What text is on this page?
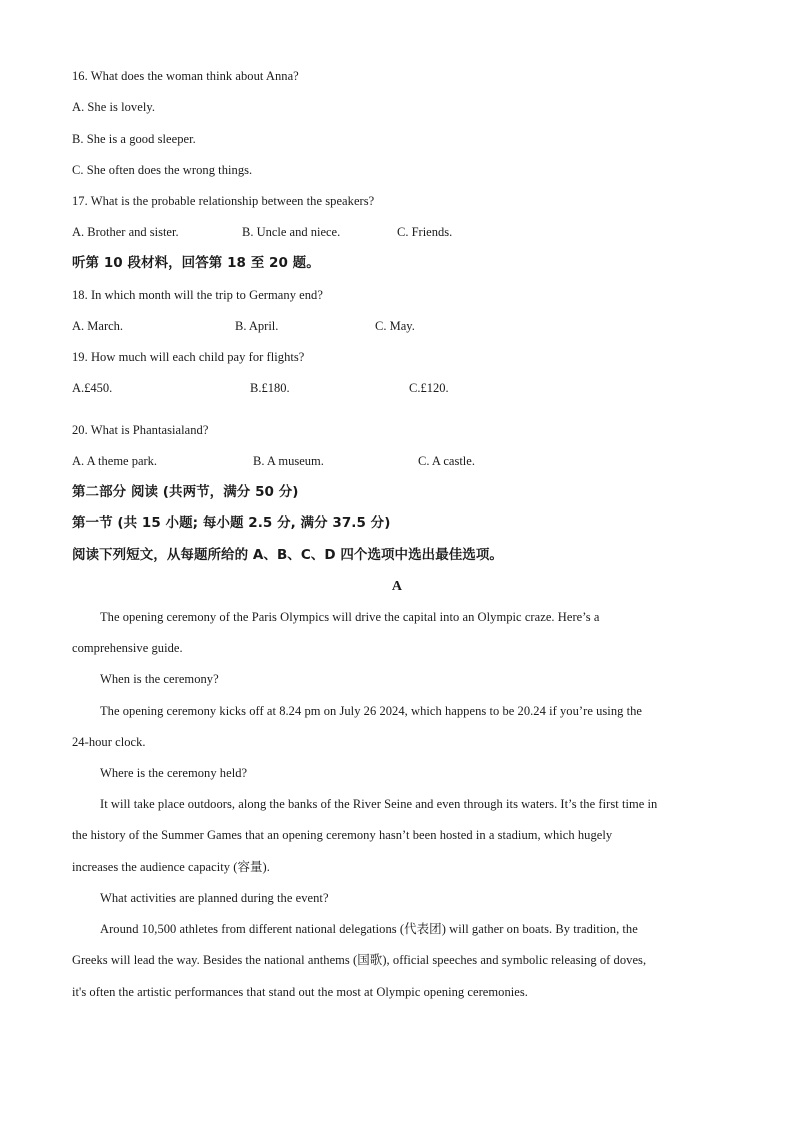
16. What does the woman think about Anna?
A. She is lovely.
B. She is a good sleeper.
C. She often does the wrong things.
17. What is the probable relationship between the speakers?
A. Brother and sister.	B. Uncle and niece.	C. Friends.
听第 10 段材料，回答第 18 至 20 题。
18. In which month will the trip to Germany end?
A. March.	B. April.	C. May.
19. How much will each child pay for flights?
A.£450.	B.£180.	C.£120.
20. What is Phantasialand?
A. A theme park.	B. A museum.	C. A castle.
第二部分 阅读 (共两节，满分 50 分)
第一节 (共 15 小题; 每小题 2.5 分, 满分 37.5 分)
阅读下列短文，从每题所给的 A、B、C、D 四个选项中选出最佳选项。
A
The opening ceremony of the Paris Olympics will drive the capital into an Olympic craze. Here’s a
comprehensive guide.
When is the ceremony?
The opening ceremony kicks off at 8.24 pm on July 26 2024, which happens to be 20.24 if you’re using the
24-hour clock.
Where is the ceremony held?
It will take place outdoors, along the banks of the River Seine and even through its waters. It’s the first time in
the history of the Summer Games that an opening ceremony hasn’t been hosted in a stadium, which hugely
increases the audience capacity (容量).
What activities are planned during the event?
Around 10,500 athletes from different national delegations (代表团) will gather on boats. By tradition, the
Greeks will lead the way. Besides the national anthems (国歌), official speeches and symbolic releasing of doves,
it's often the artistic performances that stand out the most at Olympic opening ceremonies.
